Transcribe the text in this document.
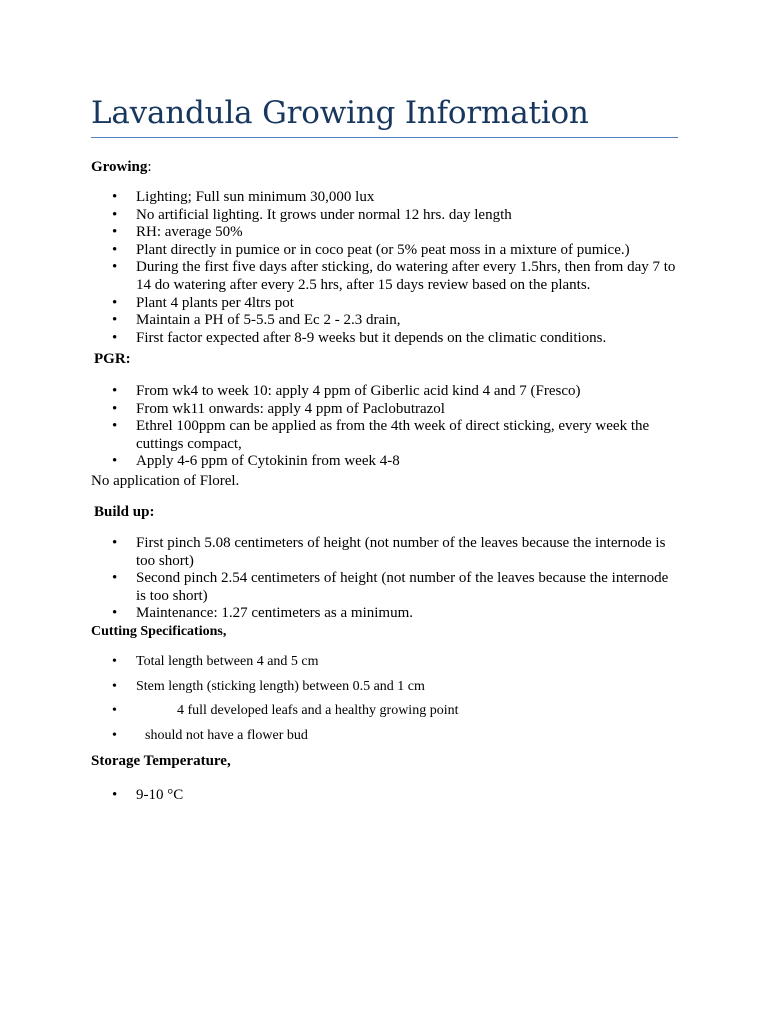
Lavandula Growing Information
Growing:
• Lighting; Full sun minimum 30,000 lux
• No artificial lighting. It grows under normal 12 hrs. day length
• RH: average 50%
• Plant directly in pumice or in coco peat (or 5% peat moss in a mixture of pumice.)
• During the first five days after sticking, do watering after every 1.5hrs, then from day 7 to 14 do watering after every 2.5 hrs, after 15 days review based on the plants.
• Plant 4 plants per 4ltrs pot
• Maintain a PH of 5-5.5 and Ec 2 - 2.3 drain,
• First factor expected after 8-9 weeks but it depends on the climatic conditions.
PGR:
• From wk4 to week 10: apply 4 ppm of Giberlic acid kind 4 and 7 (Fresco)
• From wk11 onwards: apply 4 ppm of Paclobutrazol
• Ethrel 100ppm can be applied as from the 4th week of direct sticking, every week the cuttings compact,
• Apply 4-6 ppm of Cytokinin from week 4-8
No application of Florel.
Build up:
• First pinch 5.08 centimeters of height (not number of the leaves because the internode is too short)
• Second pinch 2.54 centimeters of height (not number of the leaves because the internode is too short)
• Maintenance: 1.27 centimeters as a minimum.
Cutting Specifications,
• Total length between 4 and 5 cm
• Stem length (sticking length) between 0.5 and 1 cm
•	4 full developed leafs and a healthy growing point
• should not have a flower bud
Storage Temperature,
• 9-10 °C
